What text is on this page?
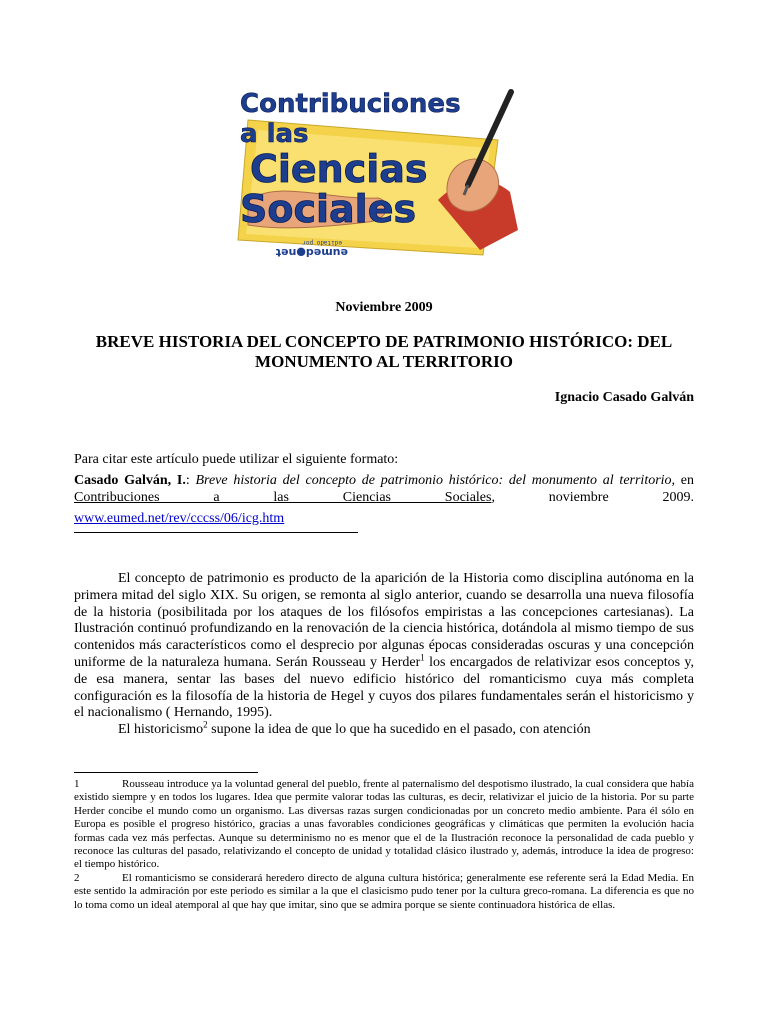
Contribuciones
a las
Ciencias
Sociales
editado por
eumed●net
Noviembre 2009
BREVE HISTORIA DEL CONCEPTO DE PATRIMONIO HISTÓRICO: DEL
MONUMENTO AL TERRITORIO
Ignacio Casado Galván
Para citar este artículo puede utilizar el siguiente formato:
Casado Galván, I.: Breve historia del concepto de patrimonio histórico: del monumento al territorio, en Contribuciones a las Ciencias Sociales, noviembre 2009.
www.eumed.net/rev/cccss/06/icg.htm

El concepto de patrimonio es producto de la aparición de la Historia como disciplina autónoma en la primera mitad del siglo XIX. Su origen, se remonta al siglo anterior, cuando se desarrolla una nueva filosofía de la historia (posibilitada por los ataques de los filósofos empiristas a las concepciones cartesianas). La Ilustración continuó profundizando en la renovación de la ciencia histórica, dotándola al mismo tiempo de sus contenidos más característicos como el desprecio por algunas épocas consideradas oscuras y una concepción uniforme de la naturaleza humana. Serán Rousseau y Herder$^1$ los encargados de relativizar esos conceptos y, de esa manera, sentar las bases del nuevo edificio histórico del romanticismo cuya más completa configuración es la filosofía de la historia de Hegel y cuyos dos pilares fundamentales serán el historicismo y el nacionalismo ( Hernando, 1995).

El historicismo$^2$ supone la idea de que lo que ha sucedido en el pasado, con atención

1	Rousseau introduce ya la voluntad general del pueblo, frente al paternalismo del despotismo ilustrado, la cual considera que había existido siempre y en todos los lugares. Idea que permite valorar todas las culturas, es decir, relativizar el juicio de la historia. Por su parte Herder concibe el mundo como un organismo. Las diversas razas surgen condicionadas por un concreto medio ambiente. Para él sólo en Europa es posible el progreso histórico, gracias a unas favorables condiciones geográficas y climáticas que permiten la evolución hacia formas cada vez más perfectas. Aunque su determinismo no es menor que el de la Ilustración reconoce la personalidad de cada pueblo y reconoce las culturas del pasado, relativizando el concepto de unidad y totalidad clásico ilustrado y, además, introduce la idea de progreso: el tiempo histórico.

2	El romanticismo se considerará heredero directo de alguna cultura histórica; generalmente ese referente será la Edad Media. En este sentido la admiración por este periodo es similar a la que el clasicismo pudo tener por la cultura greco-romana. La diferencia es que no lo toma como un ideal atemporal al que hay que imitar, sino que se admira porque se siente continuadora histórica de ellas.
